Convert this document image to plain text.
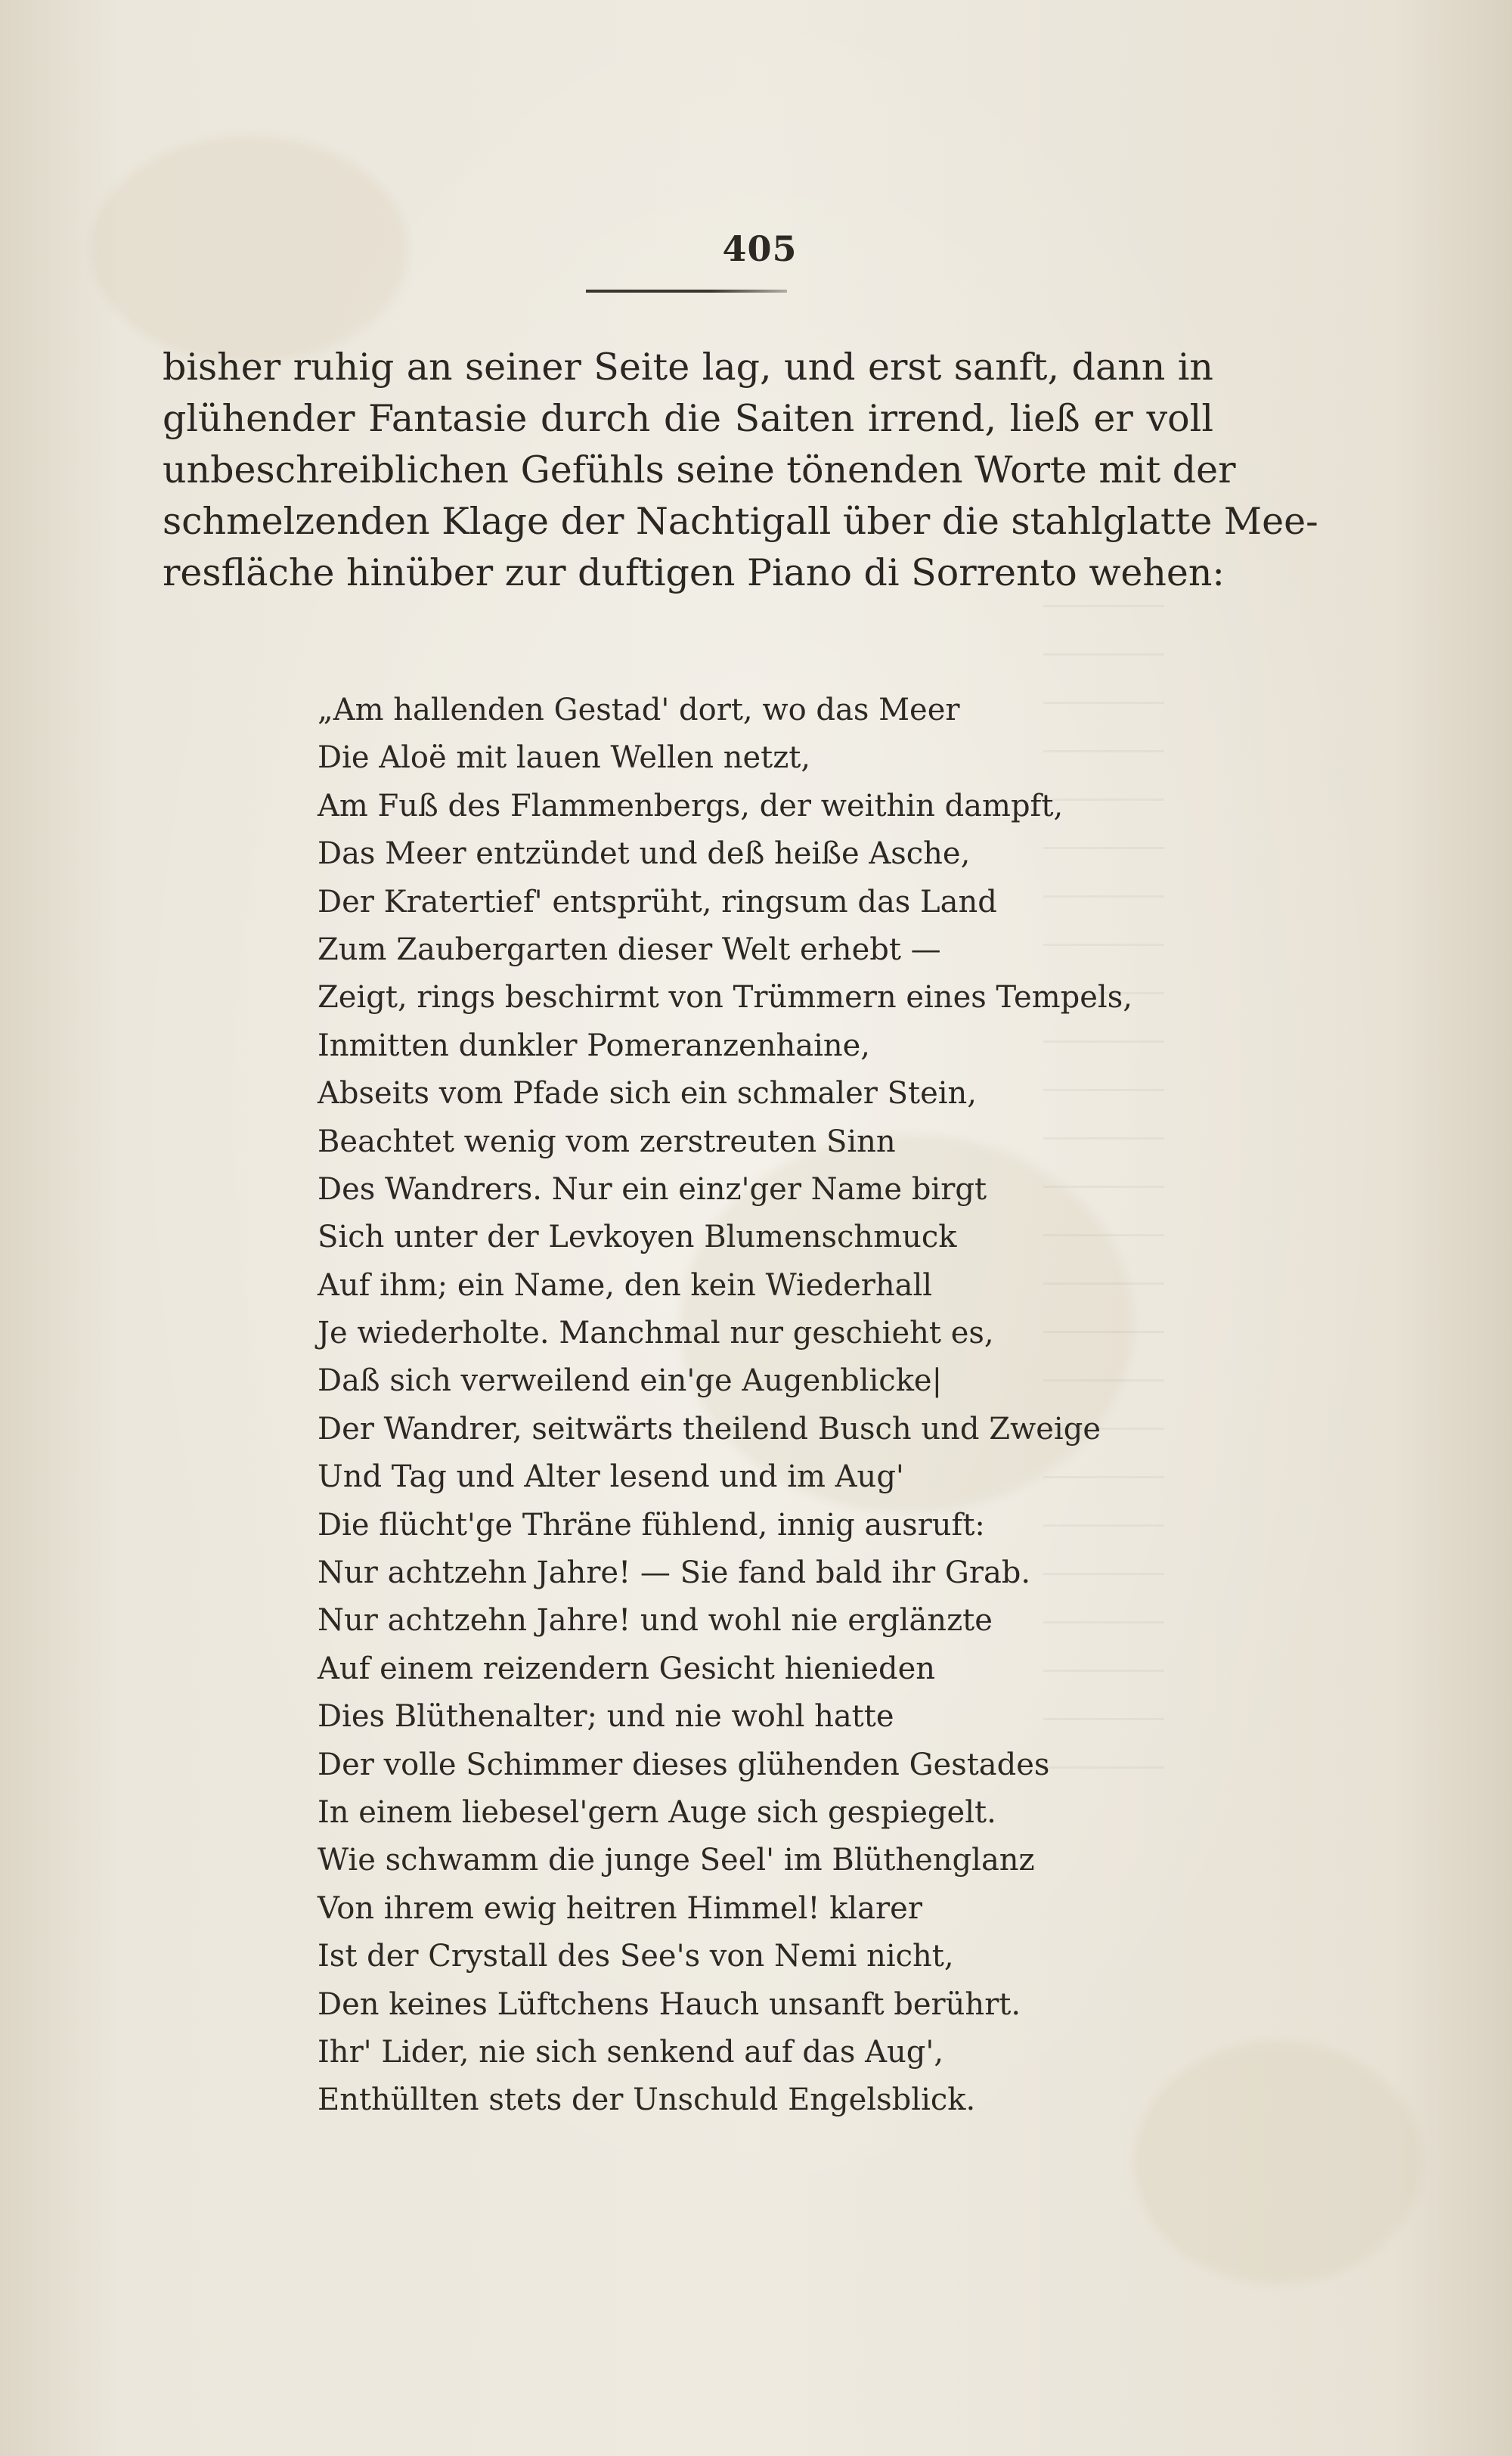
405
bisher ruhig an seiner Seite lag, und erst sanft, dann in
glühender Fantasie durch die Saiten irrend, ließ er voll
unbeschreiblichen Gefühls seine tönenden Worte mit der
schmelzenden Klage der Nachtigall über die stahlglatte Mee-
resfläche hinüber zur duftigen Piano di Sorrento wehen:
„Am hallenden Gestad' dort, wo das Meer
Die Aloë mit lauen Wellen netzt,
Am Fuß des Flammenbergs, der weithin dampft,
Das Meer entzündet und deß heiße Asche,
Der Kratertief' entsprüht, ringsum das Land
Zum Zaubergarten dieser Welt erhebt —
Zeigt, rings beschirmt von Trümmern eines Tempels,
Inmitten dunkler Pomeranzenhaine,
Abseits vom Pfade sich ein schmaler Stein,
Beachtet wenig vom zerstreuten Sinn
Des Wandrers. Nur ein einz'ger Name birgt
Sich unter der Levkoyen Blumenschmuck
Auf ihm; ein Name, den kein Wiederhall
Je wiederholte. Manchmal nur geschieht es,
Daß sich verweilend ein'ge Augenblicke|
Der Wandrer, seitwärts theilend Busch und Zweige
Und Tag und Alter lesend und im Aug'
Die flücht'ge Thräne fühlend, innig ausruft:
Nur achtzehn Jahre! — Sie fand bald ihr Grab.
Nur achtzehn Jahre! und wohl nie erglänzte
Auf einem reizendern Gesicht hienieden
Dies Blüthenalter; und nie wohl hatte
Der volle Schimmer dieses glühenden Gestades
In einem liebesel'gern Auge sich gespiegelt.
Wie schwamm die junge Seel' im Blüthenglanz
Von ihrem ewig heitren Himmel! klarer
Ist der Crystall des See's von Nemi nicht,
Den keines Lüftchens Hauch unsanft berührt.
Ihr' Lider, nie sich senkend auf das Aug',
Enthüllten stets der Unschuld Engelsblick.
